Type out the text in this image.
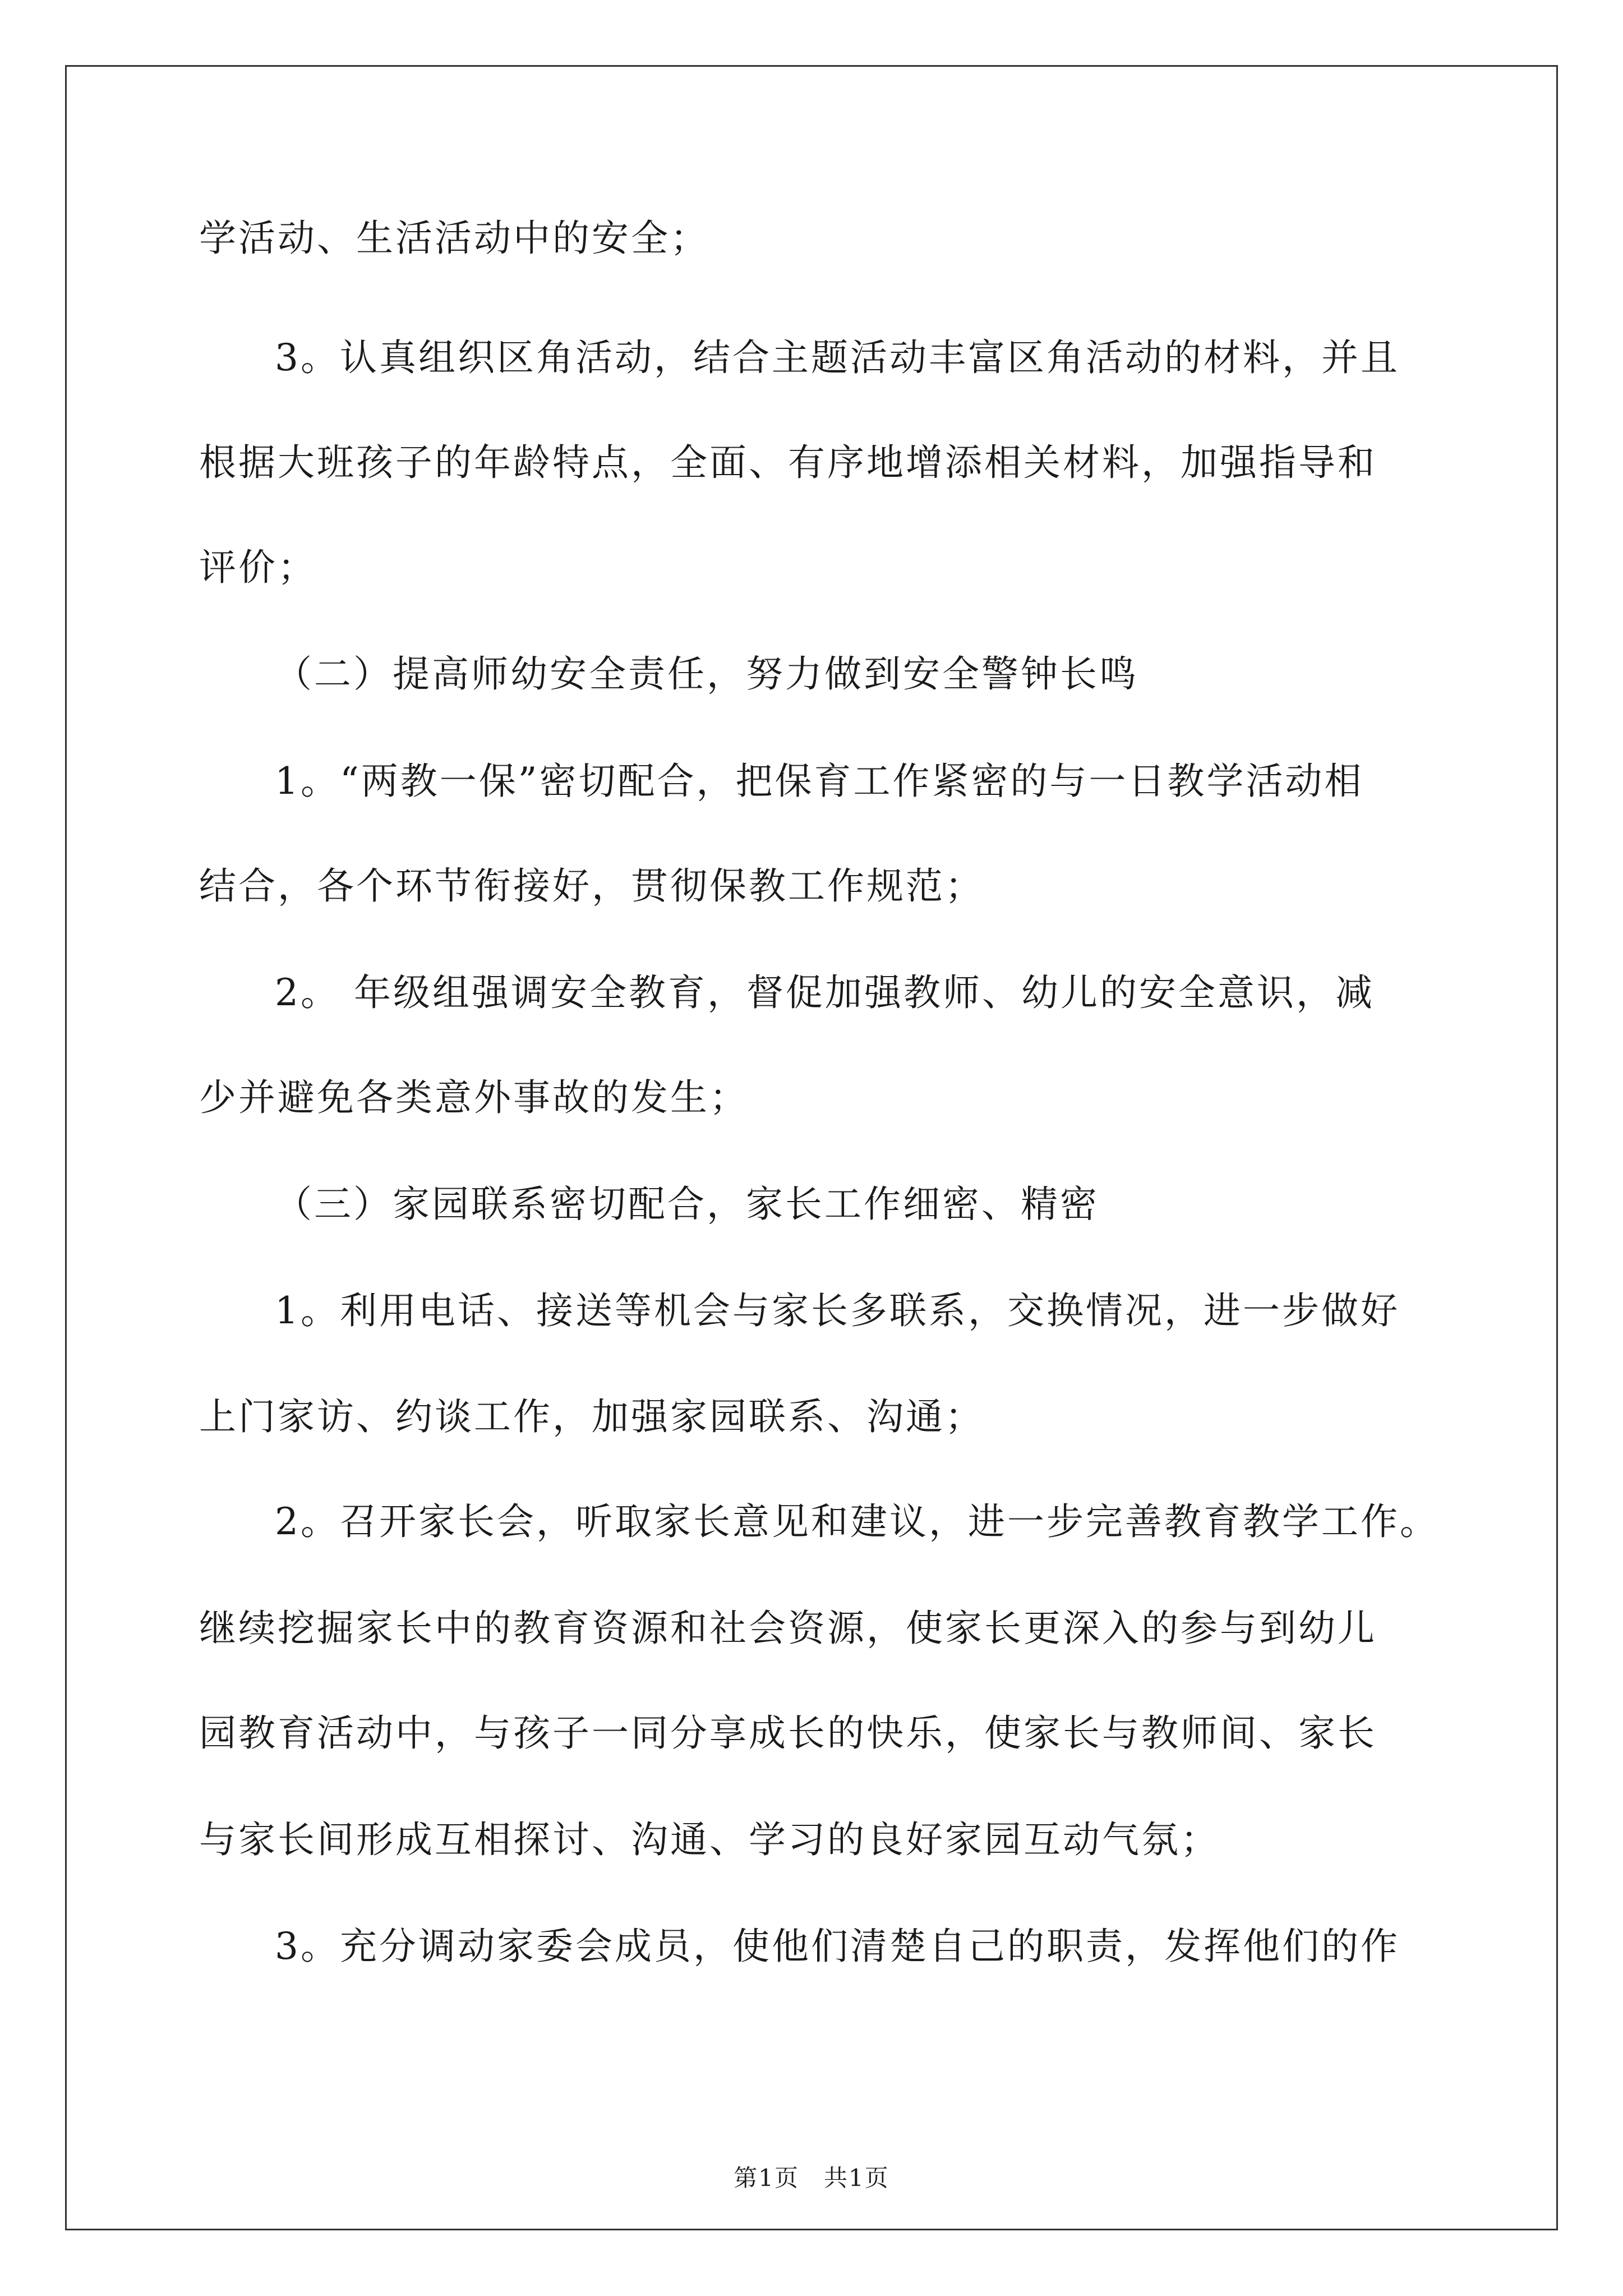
学活动、生活活动中的安全；
3。认真组织区角活动，结合主题活动丰富区角活动的材料，并且
根据大班孩子的年龄特点，全面、有序地增添相关材料，加强指导和
评价；
（二）提高师幼安全责任，努力做到安全警钟长鸣
1。“两教一保”密切配合，把保育工作紧密的与一日教学活动相
结合，各个环节衔接好，贯彻保教工作规范；
2。 年级组强调安全教育，督促加强教师、幼儿的安全意识，减
少并避免各类意外事故的发生；
（三）家园联系密切配合，家长工作细密、精密
1。利用电话、接送等机会与家长多联系，交换情况，进一步做好
上门家访、约谈工作，加强家园联系、沟通；
2。召开家长会，听取家长意见和建议，进一步完善教育教学工作。
继续挖掘家长中的教育资源和社会资源，使家长更深入的参与到幼儿
园教育活动中，与孩子一同分享成长的快乐，使家长与教师间、家长
与家长间形成互相探讨、沟通、学习的良好家园互动气氛；
3。充分调动家委会成员，使他们清楚自己的职责，发挥他们的作
第1页　共1页
